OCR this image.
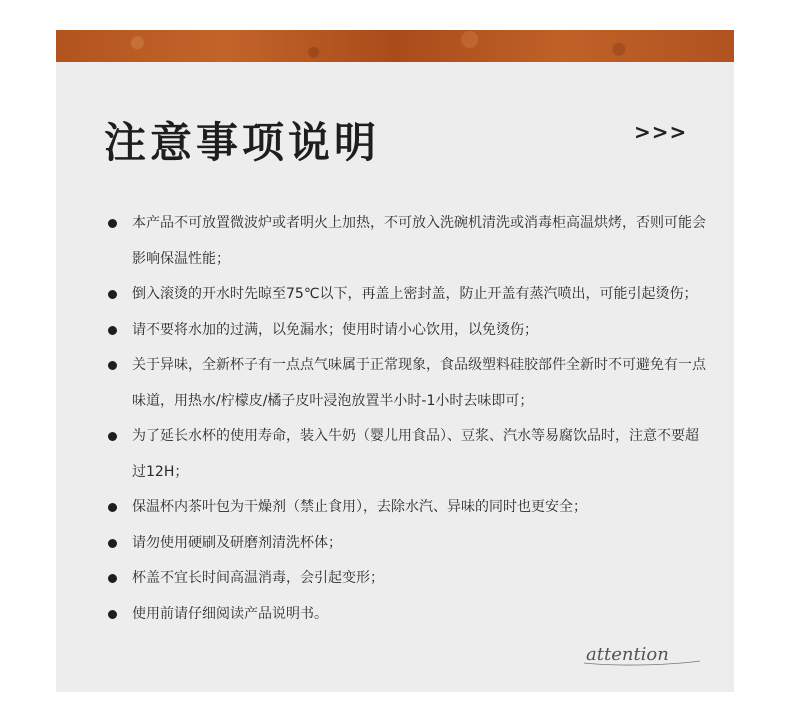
注意事项说明	>>>
本产品不可放置微波炉或者明火上加热，不可放入洗碗机清洗或消毒柜高温烘烤，否则可能会影响保温性能；
倒入滚烫的开水时先晾至75℃以下，再盖上密封盖，防止开盖有蒸汽喷出，可能引起烫伤；
请不要将水加的过满，以免漏水；使用时请小心饮用，以免烫伤；
关于异味，全新杯子有一点点气味属于正常现象，食品级塑料硅胶部件全新时不可避免有一点味道，用热水/柠檬皮/橘子皮叶浸泡放置半小时-1小时去味即可；
为了延长水杯的使用寿命，装入牛奶（婴儿用食品）、豆浆、汽水等易腐饮品时，注意不要超过12H；
保温杯内茶叶包为干燥剂（禁止食用），去除水汽、异味的同时也更安全；
请勿使用硬刷及研磨剂清洗杯体；
杯盖不宜长时间高温消毒，会引起变形；
使用前请仔细阅读产品说明书。
attention
